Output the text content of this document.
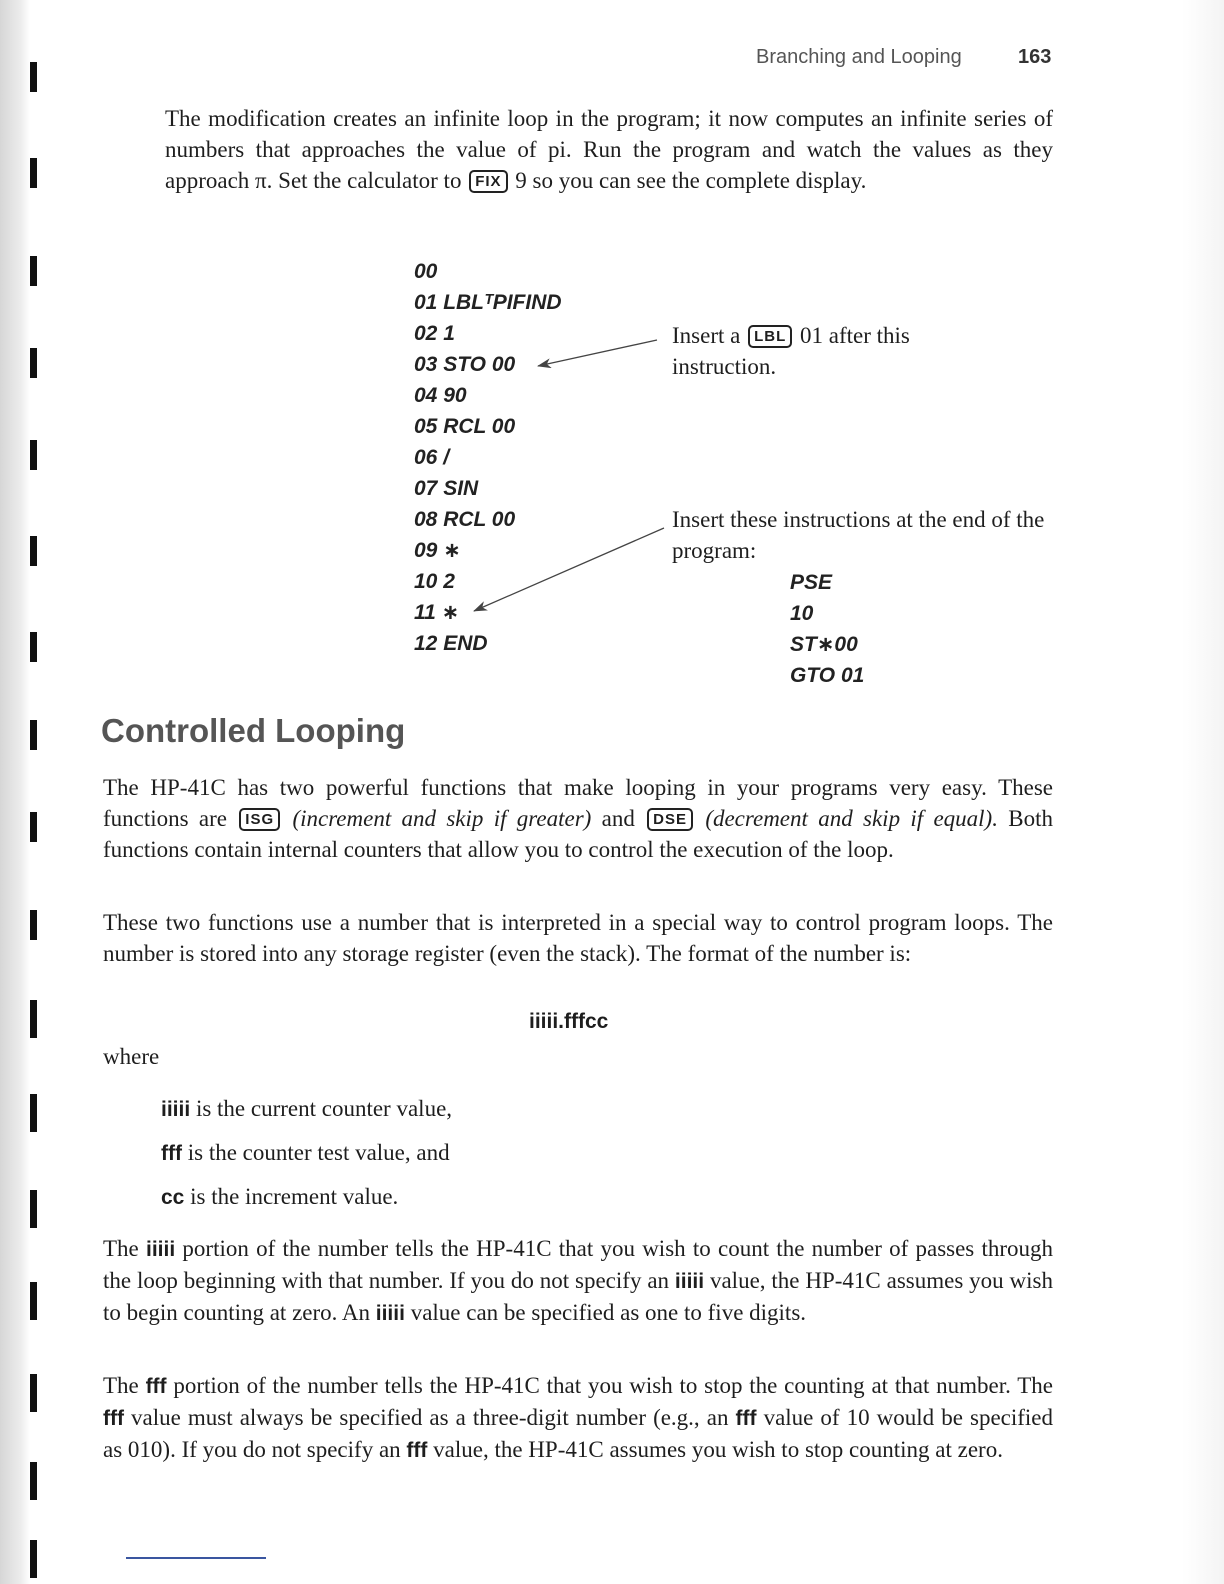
Branching and Looping	163
The modification creates an infinite loop in the program; it now computes an infinite series of numbers that approaches the value of pi. Run the program and watch the values as they approach π. Set the calculator to FIX 9 so you can see the complete display.
00
01 LBLᵀPIFIND
02 1
03 STO 00
04 90
05 RCL 00
06 /
07 SIN
08 RCL 00
09 ∗
10 2
11 ∗
12 END
Insert a LBL 01 after this instruction.
Insert these instructions at the end of the program:
PSE
10
ST∗00
GTO 01
Controlled Looping
The HP-41C has two powerful functions that make looping in your programs very easy. These functions are ISG (increment and skip if greater) and DSE (decrement and skip if equal). Both functions contain internal counters that allow you to control the execution of the loop.
These two functions use a number that is interpreted in a special way to control program loops. The number is stored into any storage register (even the stack). The format of the number is:
iiiii.fffcc
where
iiiii is the current counter value,
fff is the counter test value, and
cc is the increment value.
The iiiii portion of the number tells the HP-41C that you wish to count the number of passes through the loop beginning with that number. If you do not specify an iiiii value, the HP-41C assumes you wish to begin counting at zero. An iiiii value can be specified as one to five digits.
The fff portion of the number tells the HP-41C that you wish to stop the counting at that number. The fff value must always be specified as a three-digit number (e.g., an fff value of 10 would be specified as 010). If you do not specify an fff value, the HP-41C assumes you wish to stop counting at zero.
